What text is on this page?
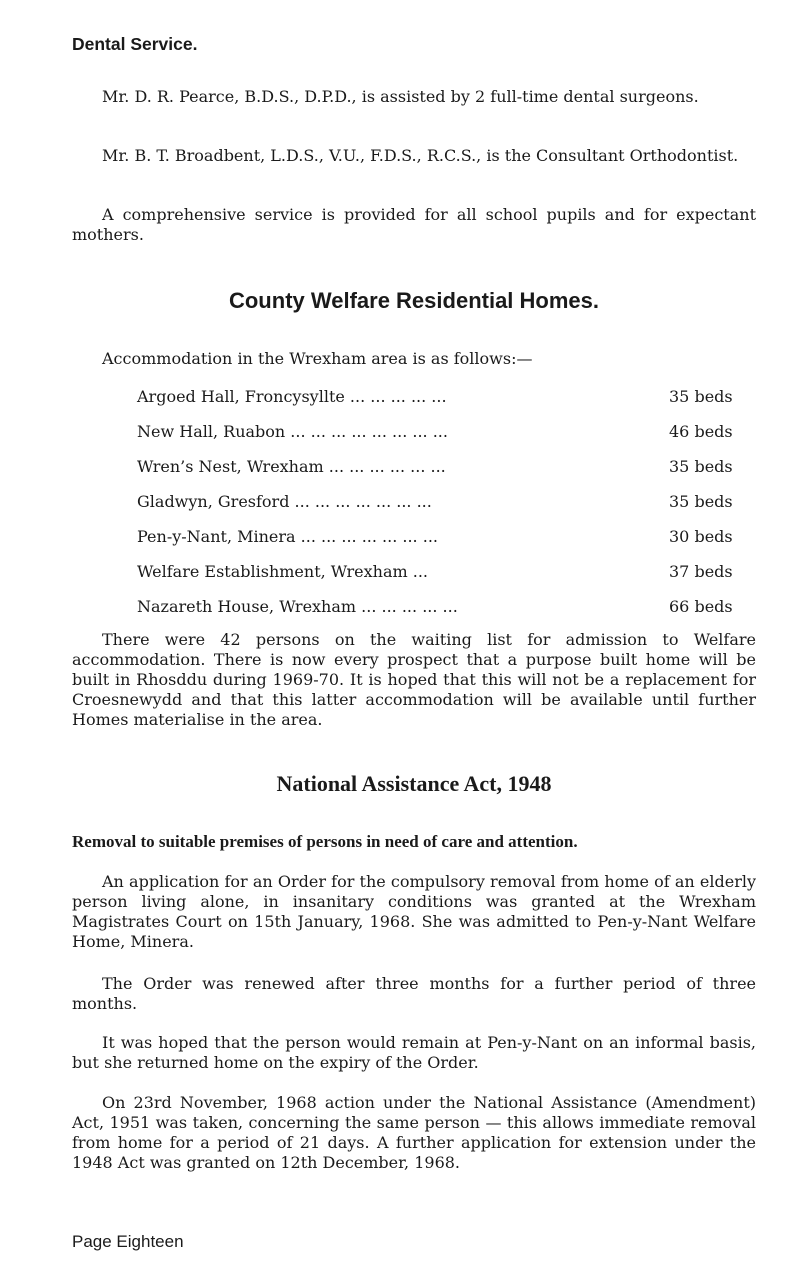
Dental Service.

Mr. D. R. Pearce, B.D.S., D.P.D., is assisted by 2 full-time dental surgeons.

Mr. B. T. Broadbent, L.D.S., V.U., F.D.S., R.C.S., is the Consultant Orthodontist.

A comprehensive service is provided for all school pupils and for expectant mothers.

County Welfare Residential Homes.

Accommodation in the Wrexham area is as follows:—

Argoed Hall, Froncysyllte ... ... ... ... ...	35 beds
New Hall, Ruabon ... ... ... ... ... ... ... ...	46 beds
Wren’s Nest, Wrexham ... ... ... ... ... ...	35 beds
Gladwyn, Gresford ... ... ... ... ... ... ...	35 beds
Pen-y-Nant, Minera ... ... ... ... ... ... ...	30 beds
Welfare Establishment, Wrexham ...	37 beds
Nazareth House, Wrexham ... ... ... ... ...	66 beds

There were 42 persons on the waiting list for admission to Welfare accommodation. There is now every prospect that a purpose built home will be built in Rhosddu during 1969-70. It is hoped that this will not be a replacement for Croesnewydd and that this latter accommodation will be available until further Homes materialise in the area.

National Assistance Act, 1948

Removal to suitable premises of persons in need of care and attention.

An application for an Order for the compulsory removal from home of an elderly person living alone, in insanitary conditions was granted at the Wrexham Magistrates Court on 15th January, 1968. She was admitted to Pen-y-Nant Welfare Home, Minera.

The Order was renewed after three months for a further period of three months.

It was hoped that the person would remain at Pen-y-Nant on an informal basis, but she returned home on the expiry of the Order.

On 23rd November, 1968 action under the National Assistance (Amendment) Act, 1951 was taken, concerning the same person — this allows immediate removal from home for a period of 21 days. A further application for extension under the 1948 Act was granted on 12th December, 1968.

Page Eighteen
